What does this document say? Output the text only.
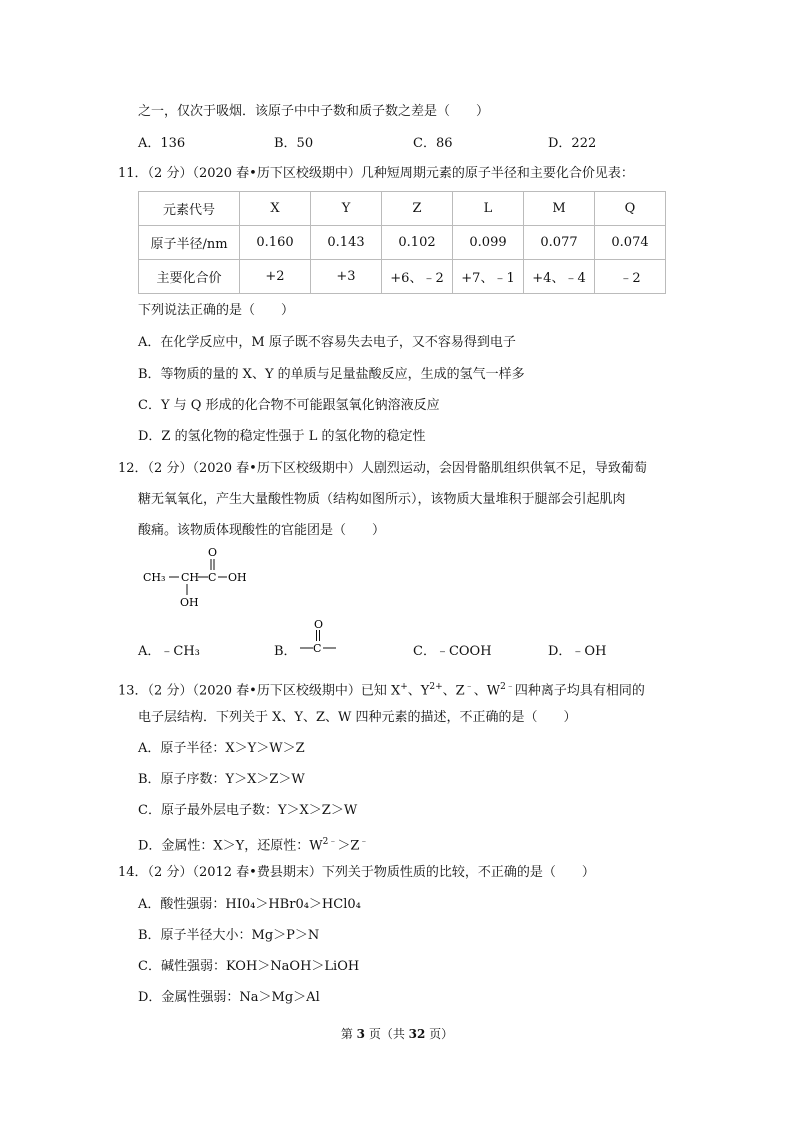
之一，仅次于吸烟．该原子中中子数和质子数之差是（　　）
A．136	B．50	C．86	D．222
11．（2 分）（2020 春•历下区校级期中）几种短周期元素的原子半径和主要化合价见表：
元素代号	X	Y	Z	L	M	Q
原子半径/nm	0.160	0.143	0.102	0.099	0.077	0.074
主要化合价	+2	+3	+6、﹣2	+7、﹣1	+4、﹣4	﹣2
下列说法正确的是（　　）
A．在化学反应中，M 原子既不容易失去电子，又不容易得到电子
B．等物质的量的 X、Y 的单质与足量盐酸反应，生成的氢气一样多
C．Y 与 Q 形成的化合物不可能跟氢氧化钠溶液反应
D．Z 的氢化物的稳定性强于 L 的氢化物的稳定性
12．（2 分）（2020 春•历下区校级期中）人剧烈运动，会因骨骼肌组织供氧不足，导致葡萄
糖无氧氧化，产生大量酸性物质（结构如图所示），该物质大量堆积于腿部会引起肌肉
酸痛。该物质体现酸性的官能团是（　　）
O
CH₃ CH C OH
OH
A．﹣CH₃	B．
O
C	C．﹣COOH	D．﹣OH
13．（2 分）（2020 春•历下区校级期中）已知 X+、$Y^{2+}$、Z﹣、$W^{2﹣}$四种离子均具有相同的
电子层结构．下列关于 X、Y、Z、W 四种元素的描述，不正确的是（　　）
A．原子半径：X＞Y＞W＞Z
B．原子序数：Y＞X＞Z＞W
C．原子最外层电子数：Y＞X＞Z＞W
D．金属性：X＞Y，还原性：$W^{2﹣}>Z^﹣$
14．（2 分）（2012 春•费县期末）下列关于物质性质的比较，不正确的是（　　）
A．酸性强弱：HI0₄＞HBr0₄＞HCl0₄
B．原子半径大小：Mg＞P＞N
C．碱性强弱：KOH＞NaOH＞LiOH
D．金属性强弱：Na＞Mg＞Al
第 3 页（共 32 页）
